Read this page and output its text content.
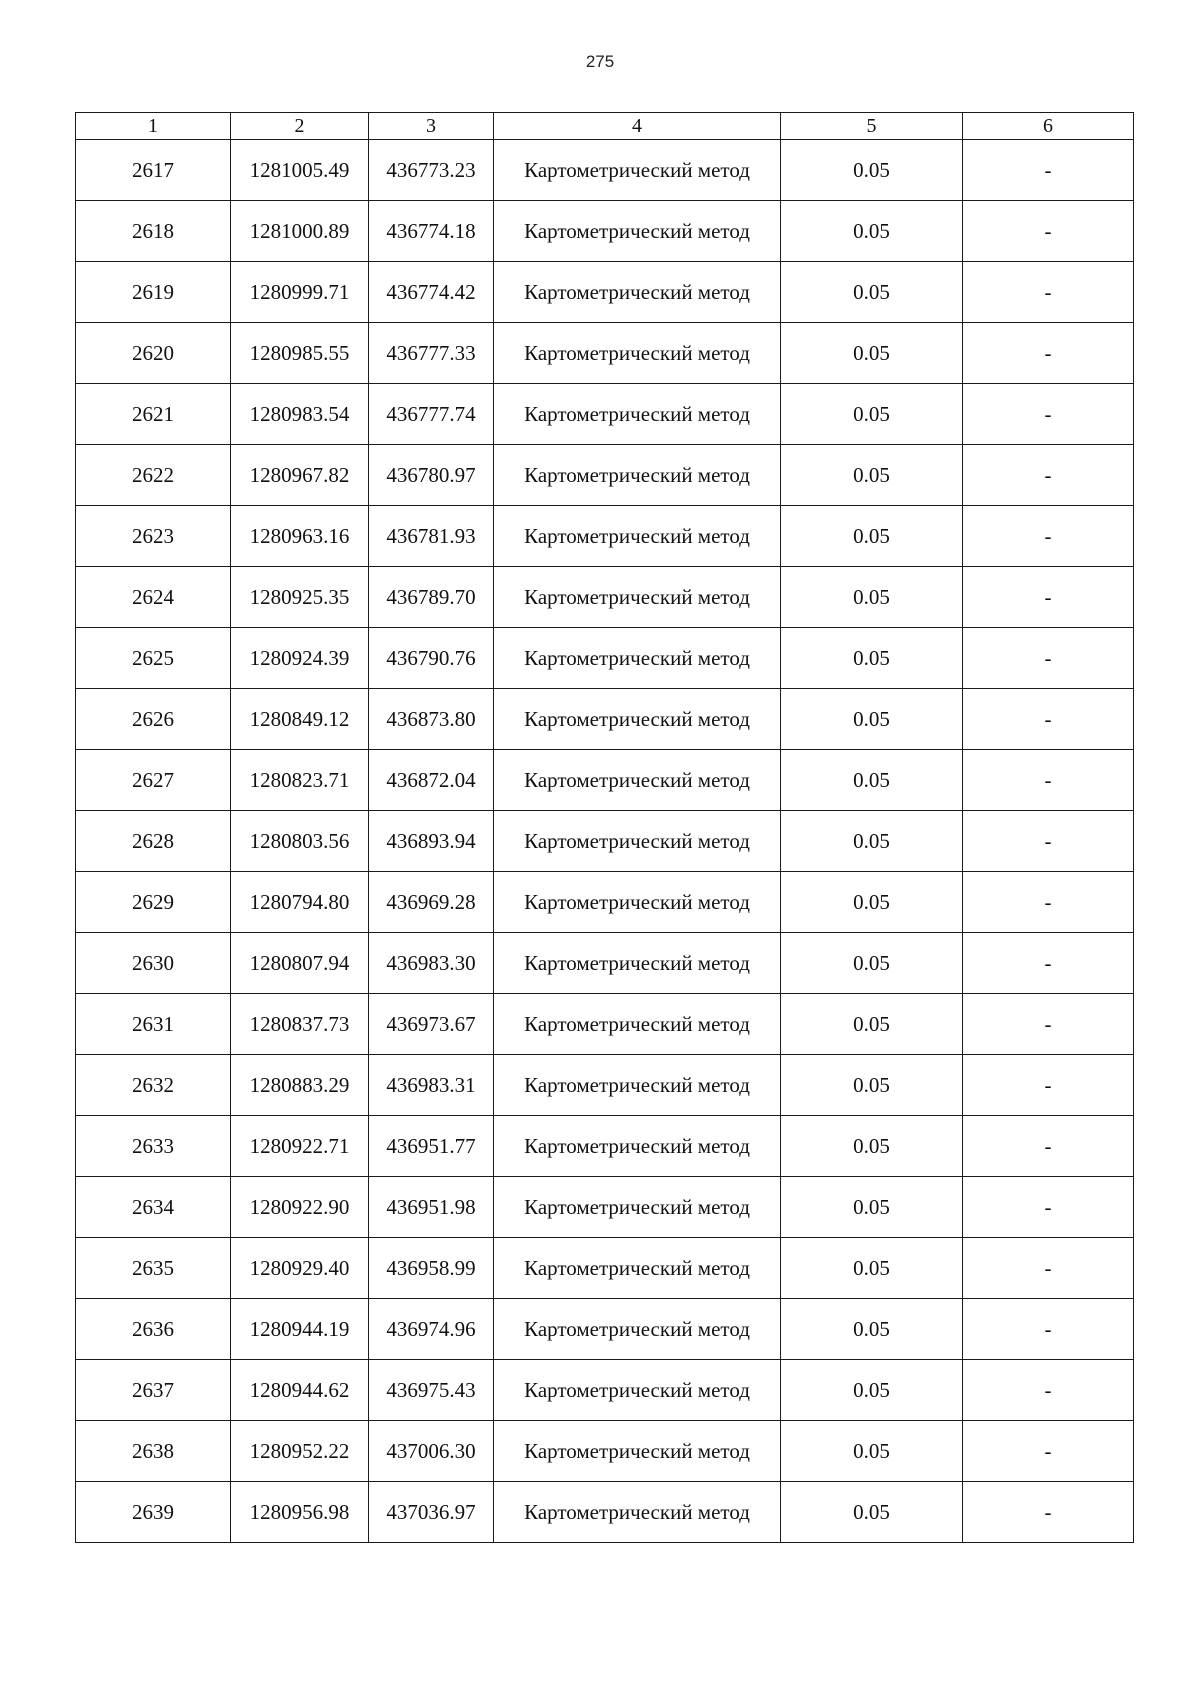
275
1	2	3	4	5	6
2617	1281005.49	436773.23	Картометрический метод	0.05	-
2618	1281000.89	436774.18	Картометрический метод	0.05	-
2619	1280999.71	436774.42	Картометрический метод	0.05	-
2620	1280985.55	436777.33	Картометрический метод	0.05	-
2621	1280983.54	436777.74	Картометрический метод	0.05	-
2622	1280967.82	436780.97	Картометрический метод	0.05	-
2623	1280963.16	436781.93	Картометрический метод	0.05	-
2624	1280925.35	436789.70	Картометрический метод	0.05	-
2625	1280924.39	436790.76	Картометрический метод	0.05	-
2626	1280849.12	436873.80	Картометрический метод	0.05	-
2627	1280823.71	436872.04	Картометрический метод	0.05	-
2628	1280803.56	436893.94	Картометрический метод	0.05	-
2629	1280794.80	436969.28	Картометрический метод	0.05	-
2630	1280807.94	436983.30	Картометрический метод	0.05	-
2631	1280837.73	436973.67	Картометрический метод	0.05	-
2632	1280883.29	436983.31	Картометрический метод	0.05	-
2633	1280922.71	436951.77	Картометрический метод	0.05	-
2634	1280922.90	436951.98	Картометрический метод	0.05	-
2635	1280929.40	436958.99	Картометрический метод	0.05	-
2636	1280944.19	436974.96	Картометрический метод	0.05	-
2637	1280944.62	436975.43	Картометрический метод	0.05	-
2638	1280952.22	437006.30	Картометрический метод	0.05	-
2639	1280956.98	437036.97	Картометрический метод	0.05	-
